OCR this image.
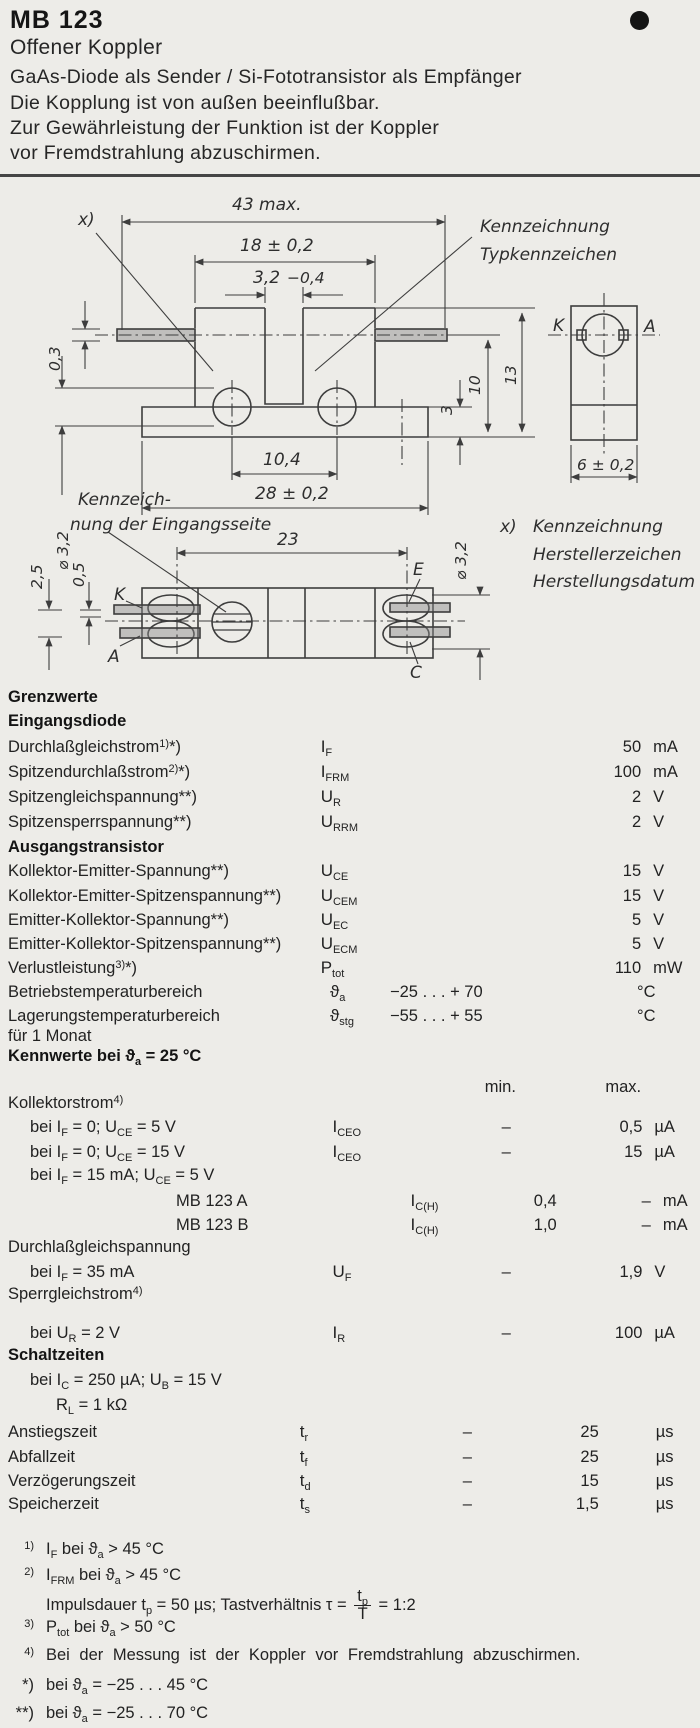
MB 123
Offener Koppler
GaAs-Diode als Sender / Si-Fototransistor als Empfänger
Die Kopplung ist von außen beeinflußbar.
Zur Gewährleistung der Funktion ist der Koppler
vor Fremdstrahlung abzuschirmen.
43 max.
18 ± 0,2
3,2 −0,4
x)	Kennzeichnung
Typkennzeichen
0,3
⌀ 3,2
10,4
28 ± 0,2
3
10
13
6 ± 0,2
K	A
23
2,5 0,5	⌀ 3,2
Kennzeich-
nung der Eingangsseite	x) Kennzeichnung
Herstellerzeichen
Herstellungsdatum
K
A
E
C
Grenzwerte
Eingangsdiode
Durchlaßgleichstrom$^{1)}$*)	$I_F$	50 mA
Spitzendurchlaßstrom$^{2)}$*)	$I_{FRM}$	100 mA
Spitzengleichspannung**)	$U_R$	2 V
Spitzensperrspannung**)	$U_{RRM}$	2 V
Ausgangstransistor
Kollektor-Emitter-Spannung**)	$U_{CE}$	15 V
Kollektor-Emitter-Spitzenspannung**)	$U_{CEM}$	15 V
Emitter-Kollektor-Spannung**)	$U_{EC}$	5 V
Emitter-Kollektor-Spitzenspannung**)	$U_{ECM}$	5 V
Verlustleistung$^{3)}$*)	$P_{tot}$	110 mW
Betriebstemperaturbereich	$ϑ_a$	−25 . . . + 70	°C
Lagerungstemperaturbereich	$ϑ_{stg}$	−55 . . . + 55	°C
für 1 Monat
Kennwerte bei $ϑ_a = 25$ °C
min.	max.
Kollektorstrom$^{4)}$
bei $I_F = 0$; $U_{CE} = 5$ V	$I_{CEO}$	–	0,5 µA
bei $I_F = 0$; $U_{CE} = 15$ V	$I_{CEO}$	–	15 µA
bei $I_F = 15$ mA; $U_{CE} = 5$ V
MB 123 A	$I_{C(H)}$	0,4	– mA
MB 123 B	$I_{C(H)}$	1,0	– mA
Durchlaßgleichspannung
bei $I_F = 35$ mA	$U_F$	–	1,9 V
Sperrgleichstrom$^{4)}$
bei $U_R = 2$ V	$I_R$	–	100 µA
Schaltzeiten
bei $I_C = 250$ µA; $U_B = 15$ V
$R_L = 1$ kΩ
Anstiegszeit	$t_r$	–	25	µs
Abfallzeit	$t_f$	–	25	µs
Verzögerungszeit	$t_d$	–	15	µs
Speicherzeit	$t_s$	–	1,5	µs
$^{1)}$ $I_F$ bei $ϑ_a > 45$ °C
$^{2)}$ $I_{FRM}$ bei $ϑ_a > 45$ °C
Impulsdauer $t_p = 50$ µs; Tastverhältnis $\tau = \frac{t_p}{T}$ = 1:2
$^{3)}$ $P_{tot}$ bei $ϑ_a > 50$ °C
$^{4)}$ Bei der Messung ist der Koppler vor Fremdstrahlung abzuschirmen.
*) bei $ϑ_a = -25$ . . . 45 °C
**) bei $ϑ_a = -25$ . . . 70 °C
